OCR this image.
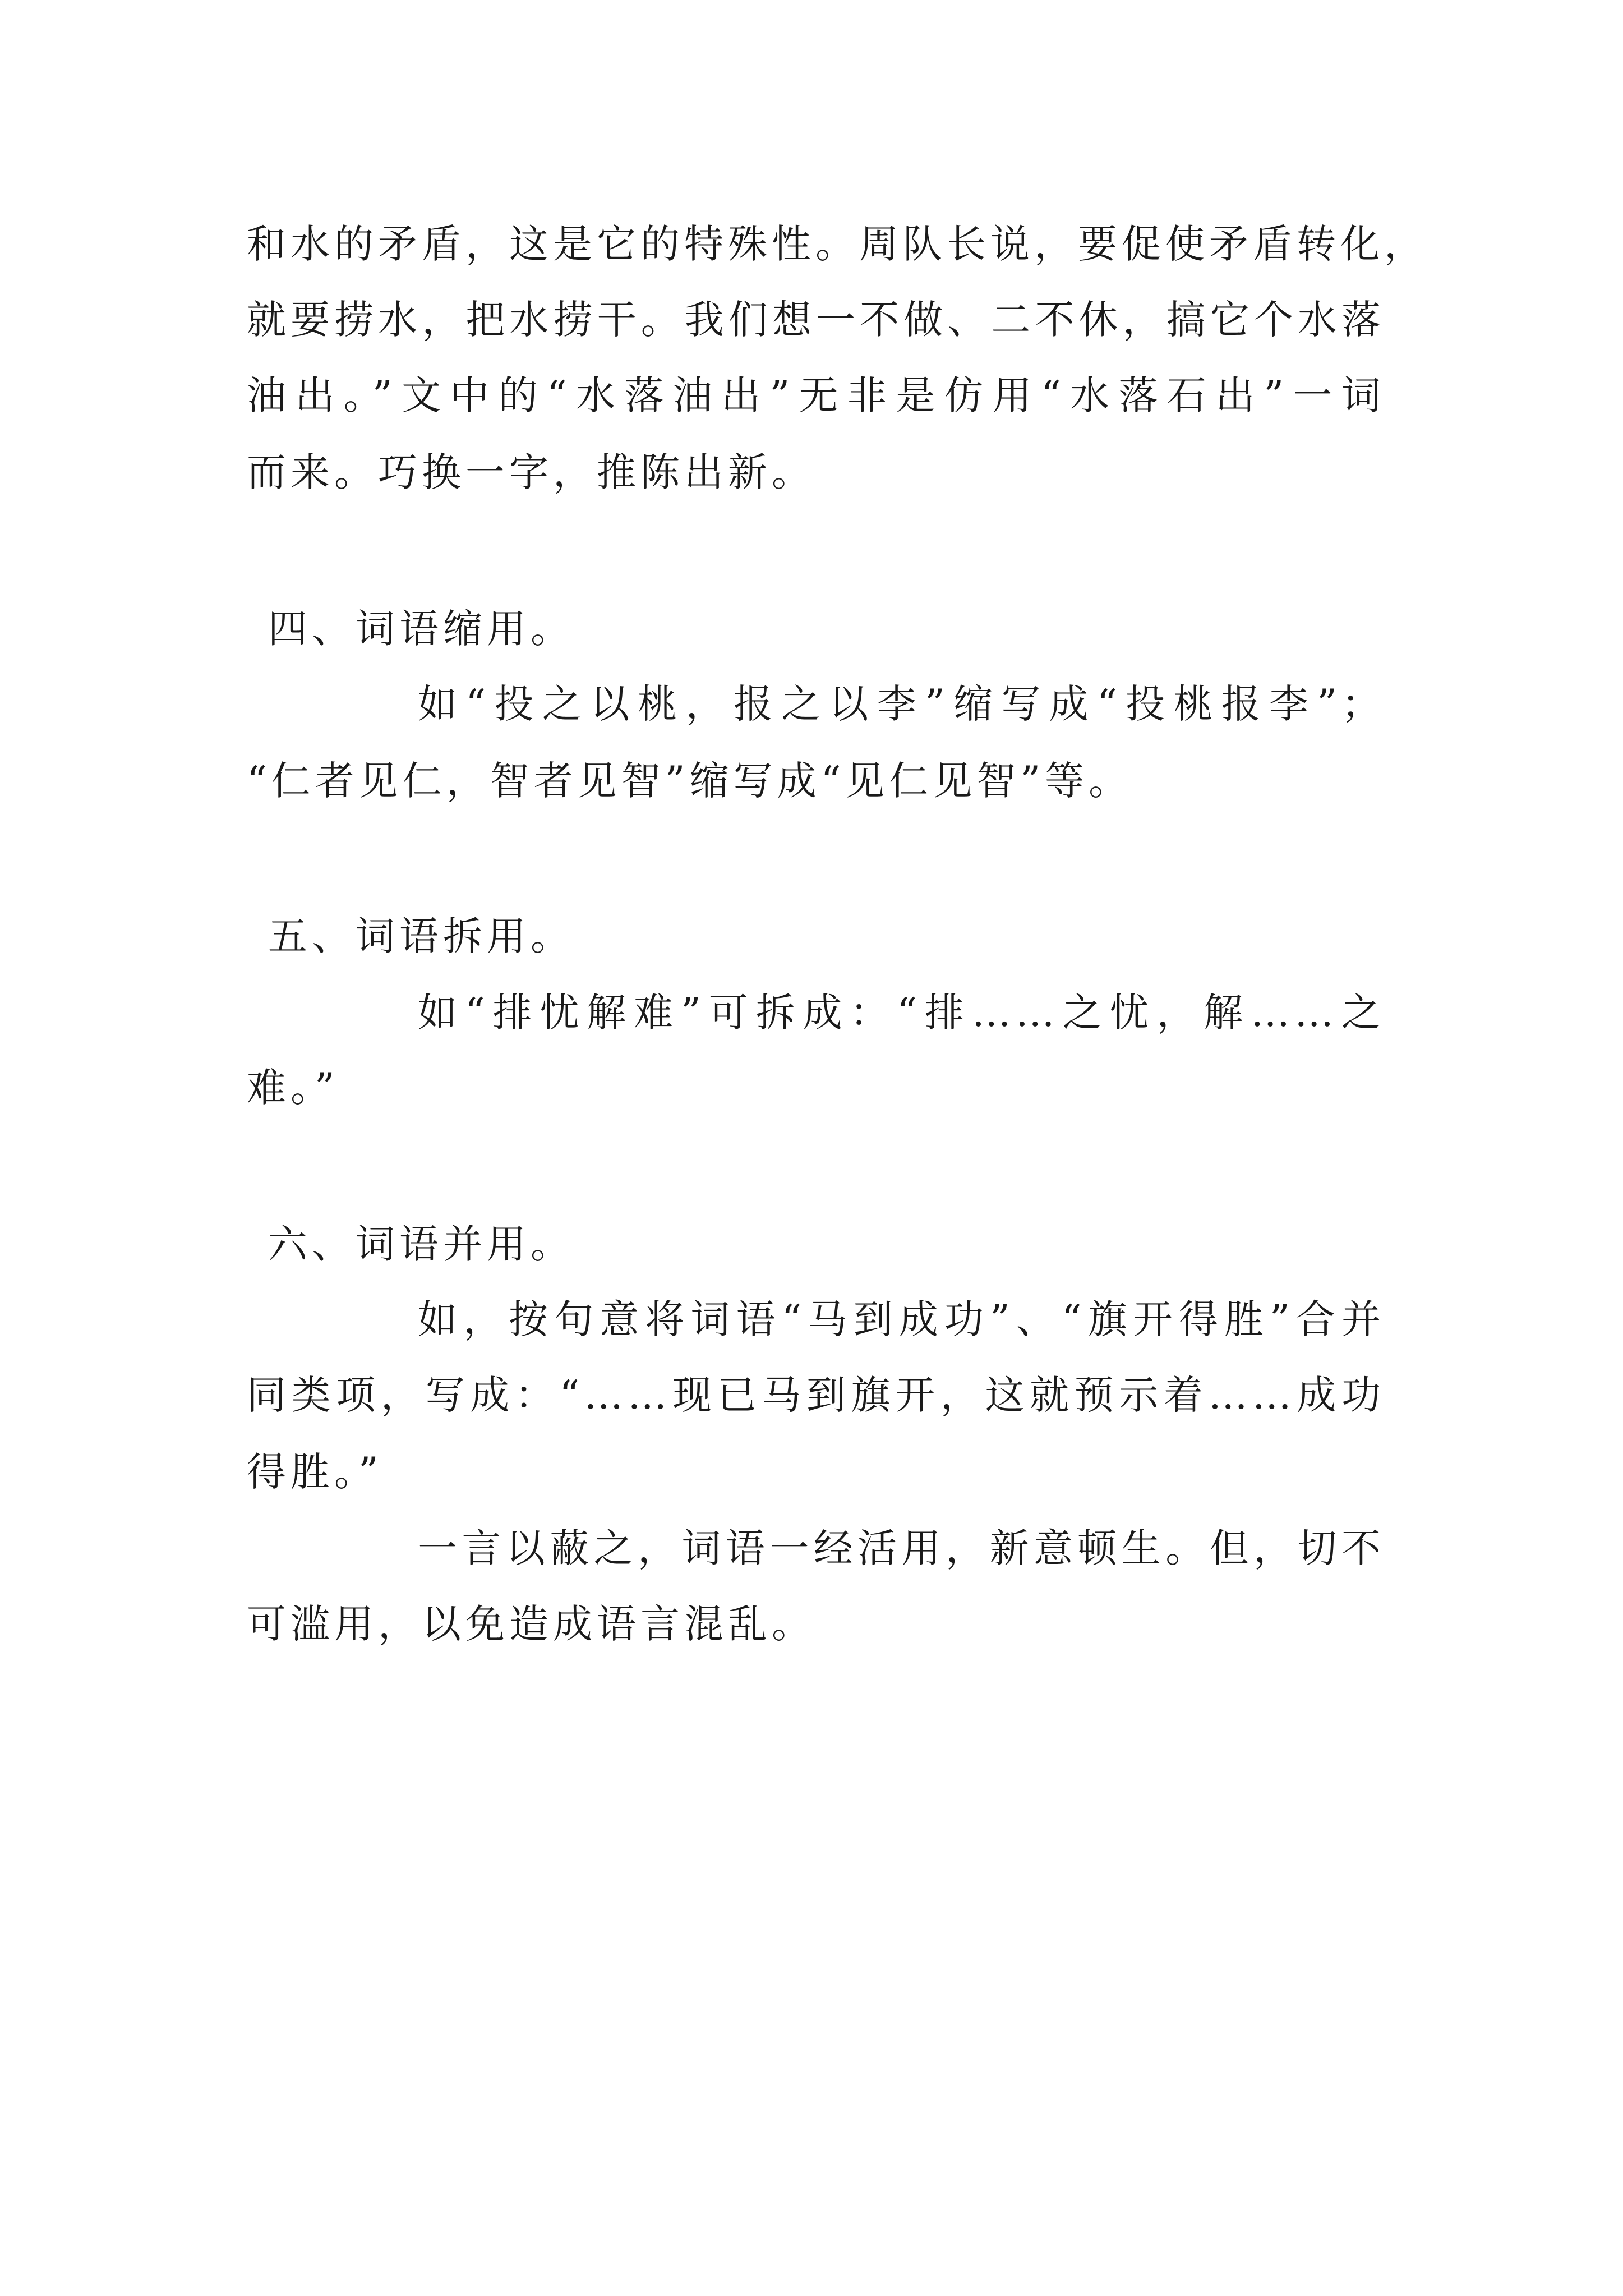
和水的矛盾，这是它的特殊性。周队长说，要促使矛盾转化，
就要捞水，把水捞干。我们想一不做、二不休，搞它个水落
油出。”文中的“水落油出”无非是仿用“水落石出”一词
而来。巧换一字，推陈出新。
四、词语缩用。
如“投之以桃，报之以李”缩写成“投桃报李”；
“仁者见仁，智者见智”缩写成“见仁见智”等。
五、词语拆用。
如“排忧解难”可拆成：“排……之忧，解……之
难。”
六、词语并用。
如，按句意将词语“马到成功”、“旗开得胜”合并
同类项，写成：“……现已马到旗开，这就预示着……成功
得胜。”
一言以蔽之，词语一经活用，新意顿生。但，切不
可滥用，以免造成语言混乱。
